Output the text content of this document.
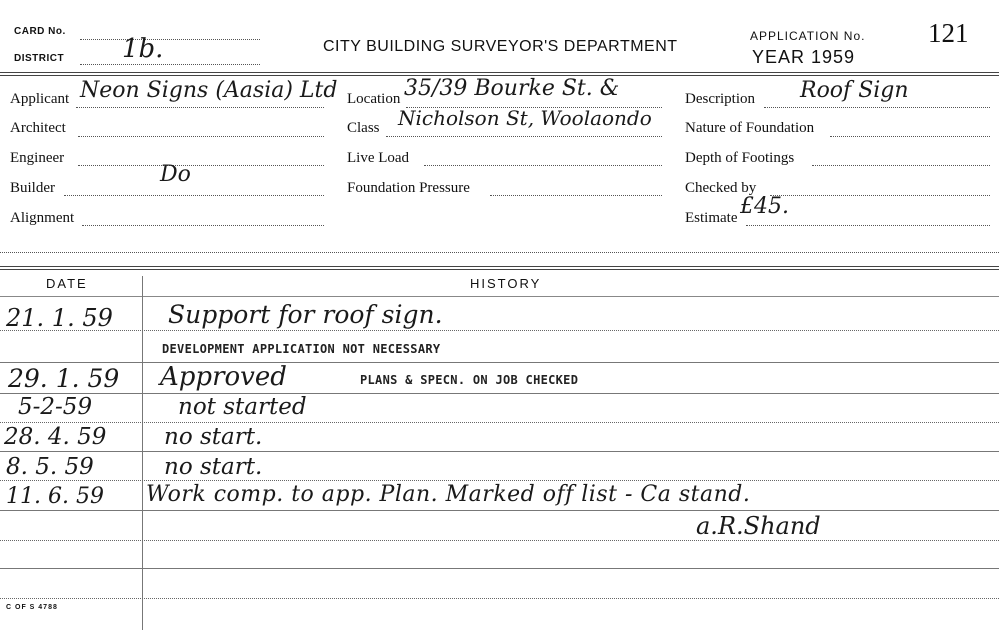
CARD No.
DISTRICT 1b.	CITY BUILDING SURVEYOR'S DEPARTMENT
APPLICATION No.
YEAR 1959
121
Applicant Neon Signs (Aasia) Ltd
Architect
Engineer
Builder
Do
Alignment
Location 35/39 Bourke St. &
Class Nicholson St, Woolaondo
Live Load
Foundation Pressure
Description Roof Sign
Nature of Foundation
Depth of Footings
Checked by
Estimate £45.
DATE	HISTORY
21. 1. 59 Support for roof sign.
DEVELOPMENT APPLICATION NOT NECESSARY
29. 1. 59 Approved	PLANS & SPECN. ON JOB CHECKED
5-2-59	not started
28. 4. 59	no start.
8. 5. 59	no start.
11. 6. 59 Work comp. to app. Plan. Marked off list - Ca stand.
a.R.Shand
C OF S 4788
